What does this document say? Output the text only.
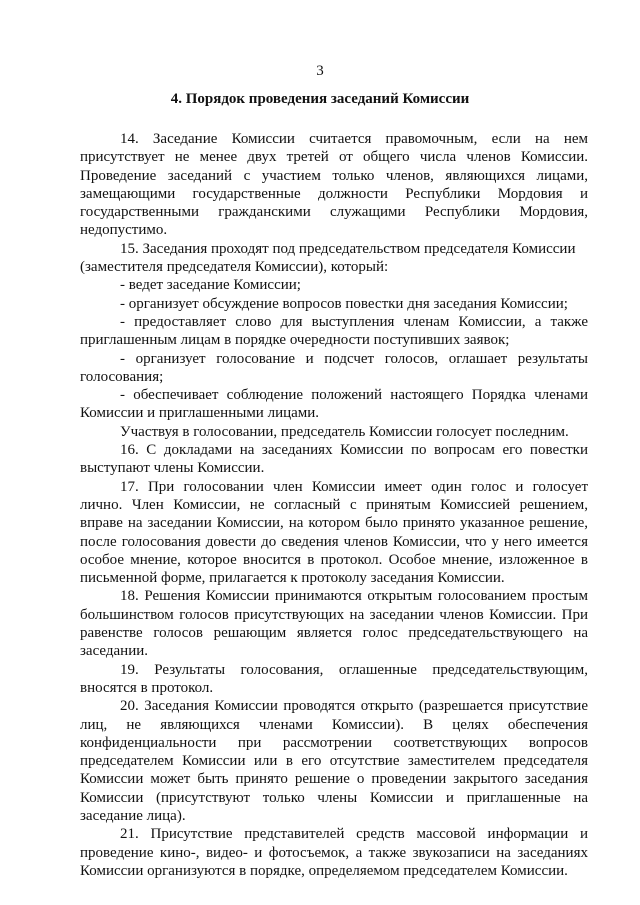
3
4. Порядок проведения заседаний Комиссии
14. Заседание Комиссии считается правомочным, если на нем
присутствует не менее двух третей от общего числа членов Комиссии.
Проведение заседаний с участием только членов, являющихся лицами,
замещающими государственные должности Республики Мордовия и
государственными гражданскими служащими Республики Мордовия,
недопустимо.
15. Заседания проходят под председательством председателя Комиссии
(заместителя председателя Комиссии), который:
- ведет заседание Комиссии;
- организует обсуждение вопросов повестки дня заседания Комиссии;
- предоставляет слово для выступления членам Комиссии, а также
приглашенным лицам в порядке очередности поступивших заявок;
- организует голосование и подсчет голосов, оглашает результаты
голосования;
- обеспечивает соблюдение положений настоящего Порядка членами
Комиссии и приглашенными лицами.
Участвуя в голосовании, председатель Комиссии голосует последним.
16. С докладами на заседаниях Комиссии по вопросам его повестки
выступают члены Комиссии.
17. При голосовании член Комиссии имеет один голос и голосует
лично. Член Комиссии, не согласный с принятым Комиссией решением,
вправе на заседании Комиссии, на котором было принято указанное решение,
после голосования довести до сведения членов Комиссии, что у него имеется
особое мнение, которое вносится в протокол. Особое мнение, изложенное в
письменной форме, прилагается к протоколу заседания Комиссии.
18. Решения Комиссии принимаются открытым голосованием простым
большинством голосов присутствующих на заседании членов Комиссии. При
равенстве голосов решающим является голос председательствующего на
заседании.
19. Результаты голосования, оглашенные председательствующим,
вносятся в протокол.
20. Заседания Комиссии проводятся открыто (разрешается присутствие
лиц, не являющихся членами Комиссии). В целях обеспечения
конфиденциальности при рассмотрении соответствующих вопросов
председателем Комиссии или в его отсутствие заместителем председателя
Комиссии может быть принято решение о проведении закрытого заседания
Комиссии (присутствуют только члены Комиссии и приглашенные на
заседание лица).
21. Присутствие представителей средств массовой информации и
проведение кино-, видео- и фотосъемок, а также звукозаписи на заседаниях
Комиссии организуются в порядке, определяемом председателем Комиссии.
